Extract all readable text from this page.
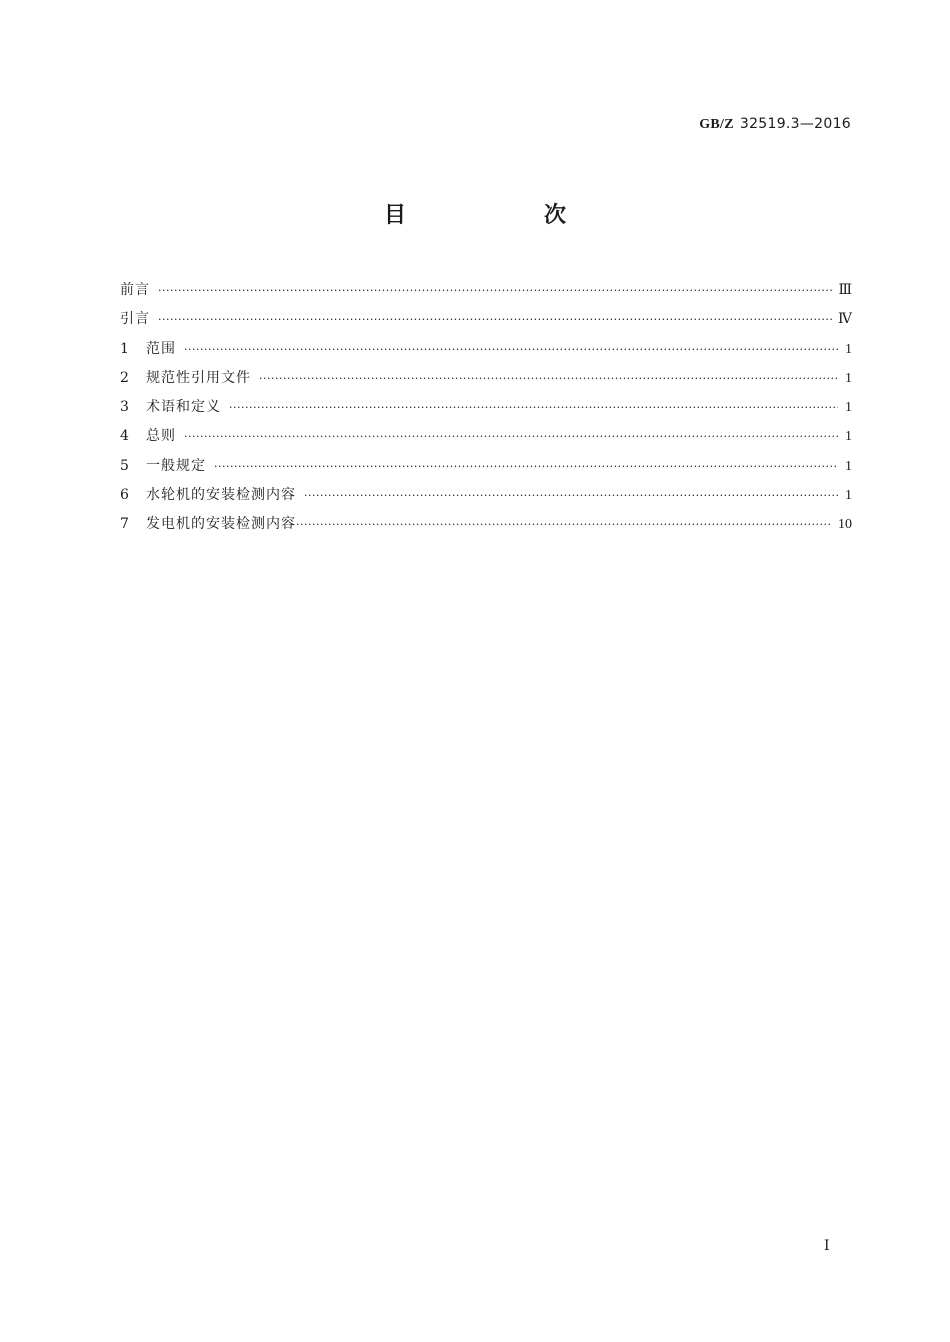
GB/Z 32519.3—2016
目　次
前言 ·····	Ⅲ
引言 ·····	Ⅳ
1	范围 ·····	1
2	规范性引用文件 ·····	1
3	术语和定义 ·····	1
4	总则 ·····	1
5	一般规定 ·····	1
6	水轮机的安装检测内容 ·····	1
7	发电机的安装检测内容 ·····	10
Ⅰ
